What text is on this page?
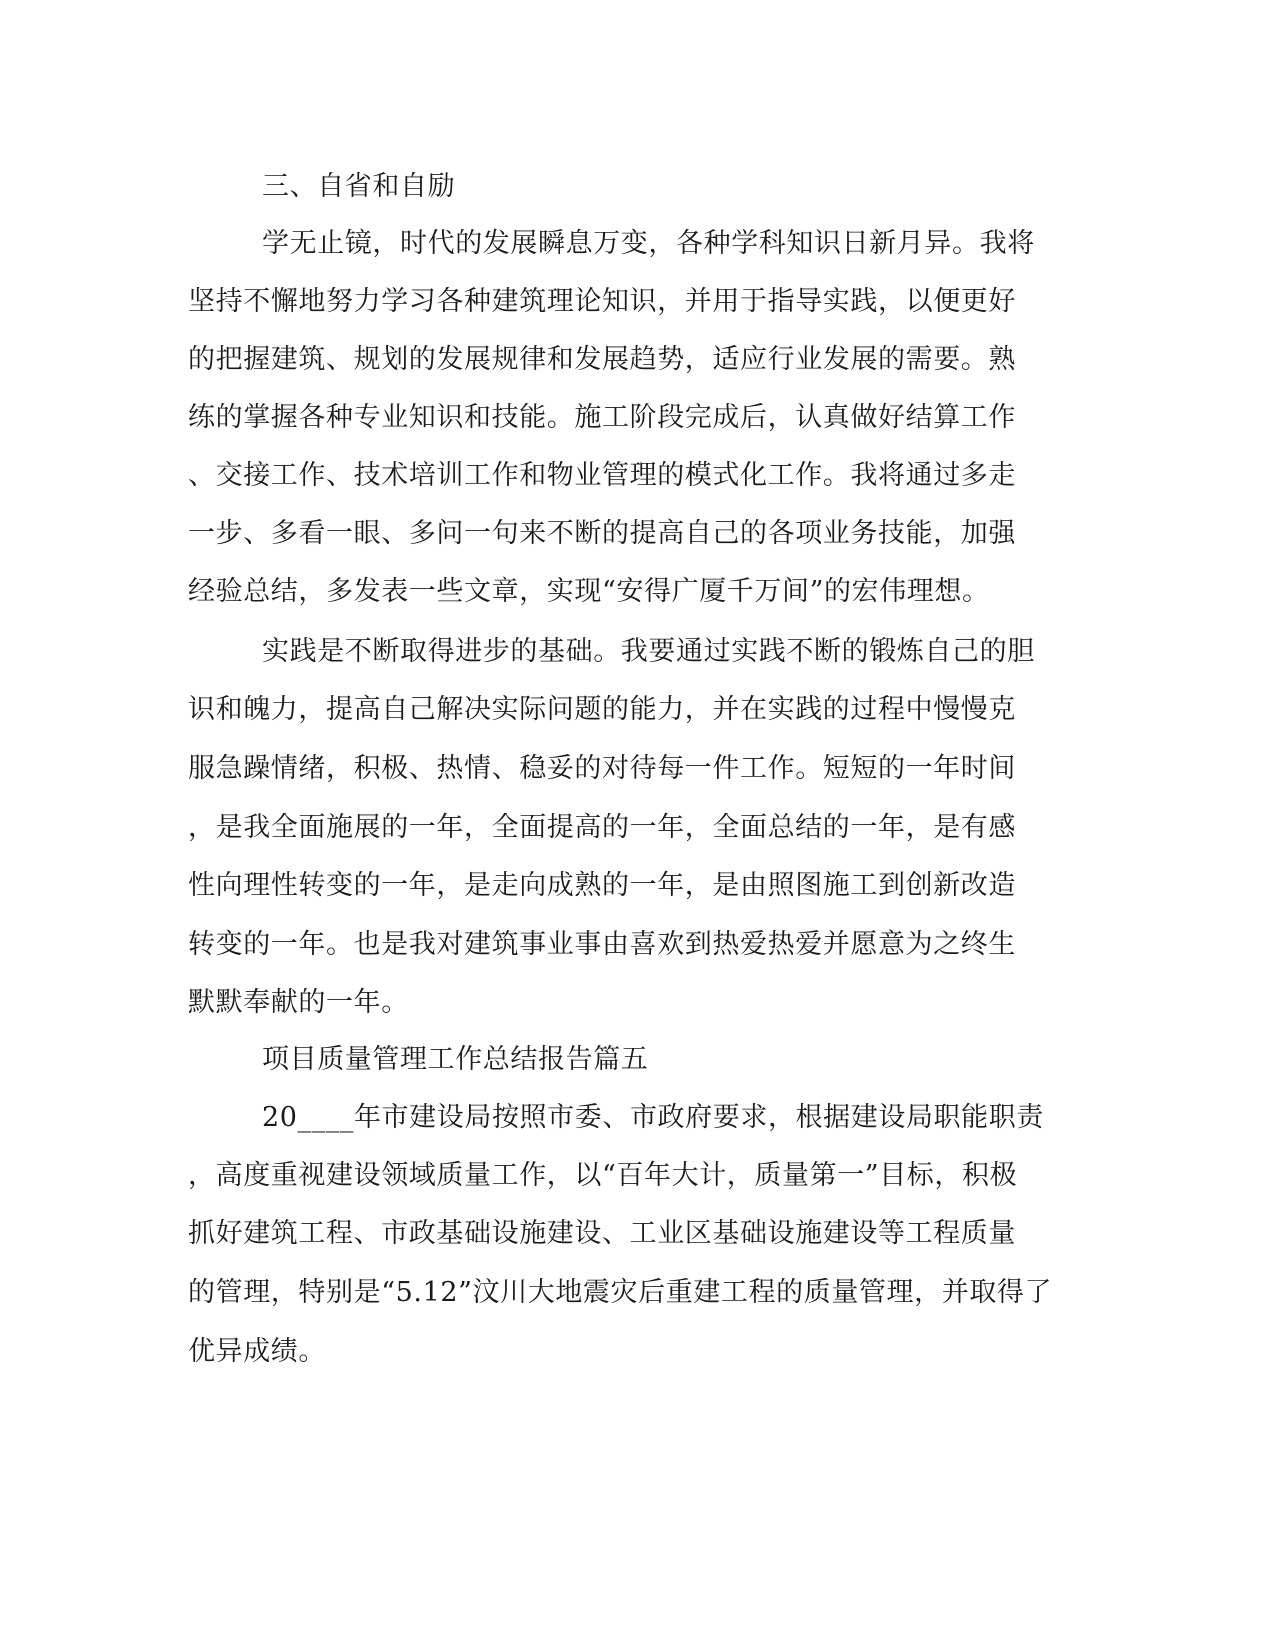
三、自省和自励
学无止镜，时代的发展瞬息万变，各种学科知识日新月异。我将
坚持不懈地努力学习各种建筑理论知识，并用于指导实践，以便更好
的把握建筑、规划的发展规律和发展趋势，适应行业发展的需要。熟
练的掌握各种专业知识和技能。施工阶段完成后，认真做好结算工作
、交接工作、技术培训工作和物业管理的模式化工作。我将通过多走
一步、多看一眼、多问一句来不断的提高自己的各项业务技能，加强
经验总结，多发表一些文章，实现“安得广厦千万间”的宏伟理想。
实践是不断取得进步的基础。我要通过实践不断的锻炼自己的胆
识和魄力，提高自己解决实际问题的能力，并在实践的过程中慢慢克
服急躁情绪，积极、热情、稳妥的对待每一件工作。短短的一年时间
，是我全面施展的一年，全面提高的一年，全面总结的一年，是有感
性向理性转变的一年，是走向成熟的一年，是由照图施工到创新改造
转变的一年。也是我对建筑事业事由喜欢到热爱热爱并愿意为之终生
默默奉献的一年。
项目质量管理工作总结报告篇五
20____年市建设局按照市委、市政府要求，根据建设局职能职责
，高度重视建设领域质量工作，以“百年大计，质量第一”目标，积极
抓好建筑工程、市政基础设施建设、工业区基础设施建设等工程质量
的管理，特别是“5.12”汶川大地震灾后重建工程的质量管理，并取得了
优异成绩。
